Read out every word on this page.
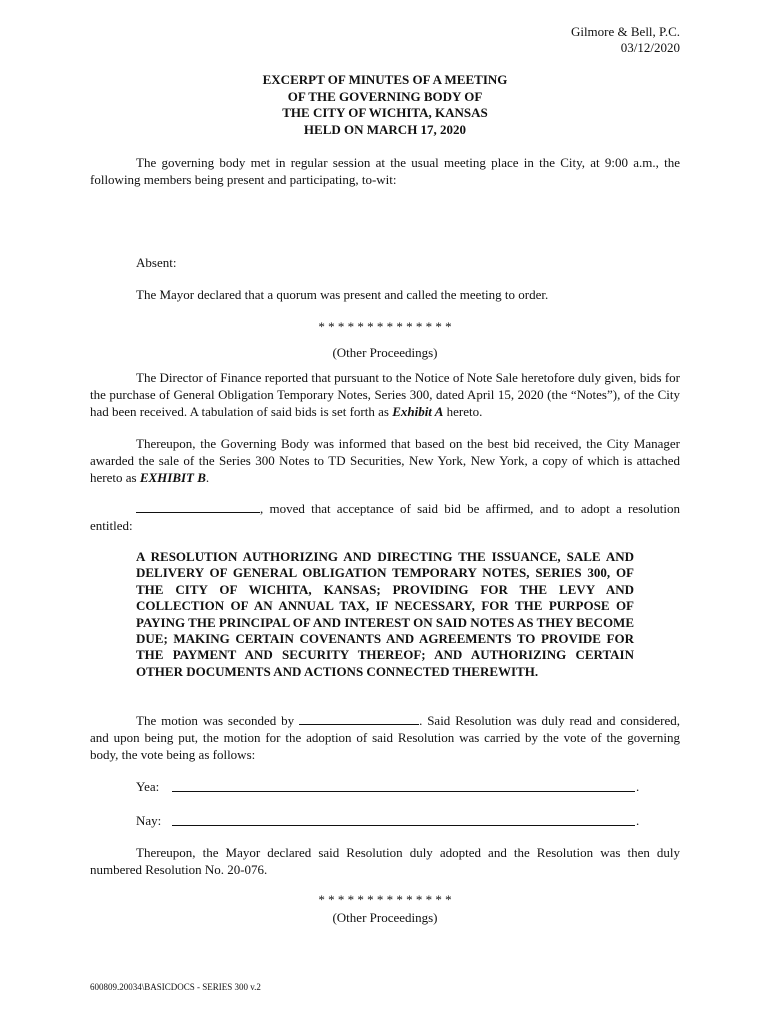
Gilmore & Bell, P.C.
03/12/2020
EXCERPT OF MINUTES OF A MEETING
OF THE GOVERNING BODY OF
THE CITY OF WICHITA, KANSAS
HELD ON MARCH 17, 2020
The governing body met in regular session at the usual meeting place in the City, at 9:00 a.m., the following members being present and participating, to-wit:
Absent:
The Mayor declared that a quorum was present and called the meeting to order.
* * * * * * * * * * * * * *
(Other Proceedings)
The Director of Finance reported that pursuant to the Notice of Note Sale heretofore duly given, bids for the purchase of General Obligation Temporary Notes, Series 300, dated April 15, 2020 (the “Notes”), of the City had been received. A tabulation of said bids is set forth as Exhibit A hereto.
Thereupon, the Governing Body was informed that based on the best bid received, the City Manager awarded the sale of the Series 300 Notes to TD Securities, New York, New York, a copy of which is attached hereto as EXHIBIT B.
, moved that acceptance of said bid be affirmed, and to adopt a resolution entitled:
A RESOLUTION AUTHORIZING AND DIRECTING THE ISSUANCE, SALE AND DELIVERY OF GENERAL OBLIGATION TEMPORARY NOTES, SERIES 300, OF THE CITY OF WICHITA, KANSAS; PROVIDING FOR THE LEVY AND COLLECTION OF AN ANNUAL TAX, IF NECESSARY, FOR THE PURPOSE OF PAYING THE PRINCIPAL OF AND INTEREST ON SAID NOTES AS THEY BECOME DUE; MAKING CERTAIN COVENANTS AND AGREEMENTS TO PROVIDE FOR THE PAYMENT AND SECURITY THEREOF; AND AUTHORIZING CERTAIN OTHER DOCUMENTS AND ACTIONS CONNECTED THEREWITH.
The motion was seconded by	. Said Resolution was duly read and considered, and upon being put, the motion for the adoption of said Resolution was carried by the vote of the governing body, the vote being as follows:
Yea:	.
Nay:	.
Thereupon, the Mayor declared said Resolution duly adopted and the Resolution was then duly numbered Resolution No. 20-076.
* * * * * * * * * * * * * *
(Other Proceedings)
600809.20034\BASICDOCS - SERIES 300 v.2
